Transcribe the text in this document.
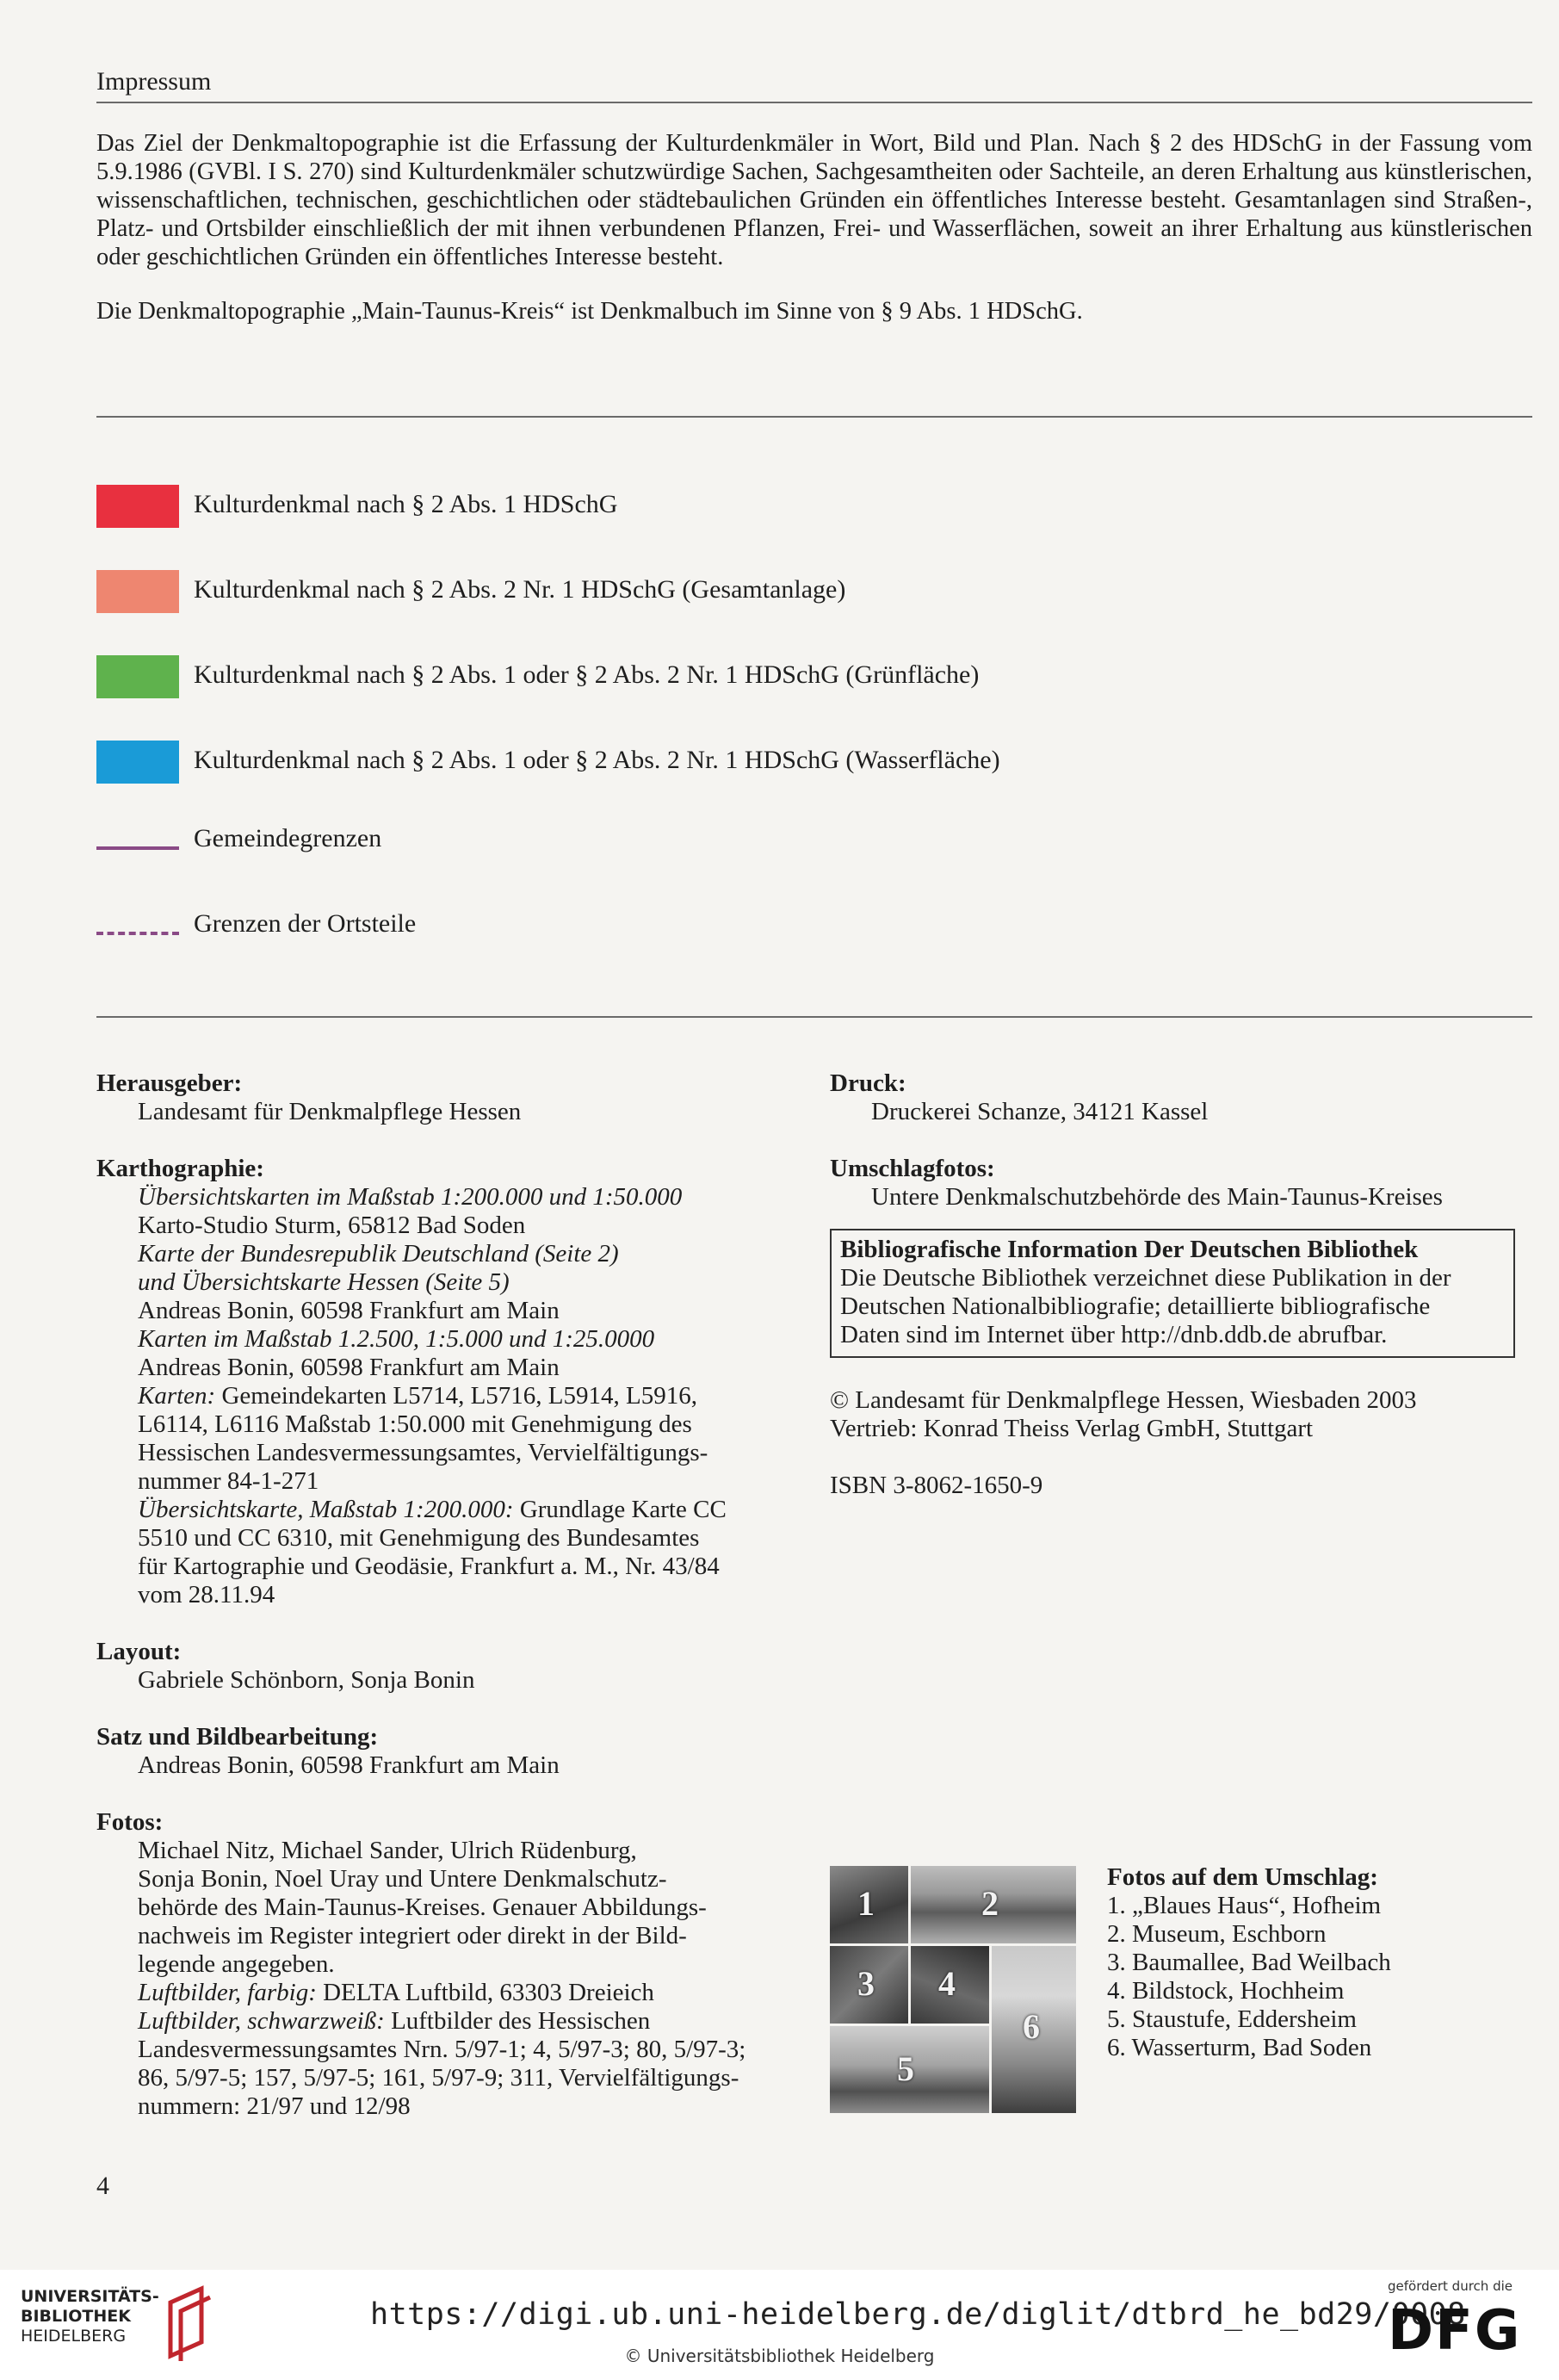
Impressum

Das Ziel der Denkmaltopographie ist die Erfassung der Kulturdenkmäler in Wort, Bild und Plan. Nach § 2 des HDSchG in der Fassung vom 5.9.1986 (GVBl. I S. 270) sind Kulturdenkmäler schutzwürdige Sachen, Sachgesamtheiten oder Sachteile, an deren Erhaltung aus künstlerischen, wissenschaftlichen, technischen, geschichtlichen oder städtebaulichen Gründen ein öffentliches Interesse besteht. Gesamtanlagen sind Straßen-, Platz- und Ortsbilder einschließlich der mit ihnen verbundenen Pflanzen, Frei- und Wasserflächen, soweit an ihrer Erhaltung aus künstlerischen oder geschichtlichen Gründen ein öffentliches Interesse besteht.

Die Denkmaltopographie „Main-Taunus-Kreis“ ist Denkmalbuch im Sinne von § 9 Abs. 1 HDSchG.

Kulturdenkmal nach § 2 Abs. 1 HDSchG
Kulturdenkmal nach § 2 Abs. 2 Nr. 1 HDSchG (Gesamtanlage)
Kulturdenkmal nach § 2 Abs. 1 oder § 2 Abs. 2 Nr. 1 HDSchG (Grünfläche)
Kulturdenkmal nach § 2 Abs. 1 oder § 2 Abs. 2 Nr. 1 HDSchG (Wasserfläche)
Gemeindegrenzen
Grenzen der Ortsteile
Herausgeber:
Landesamt für Denkmalpflege Hessen
Karthographie:
Übersichtskarten im Maßstab 1:200.000 und 1:50.000
Karto-Studio Sturm, 65812 Bad Soden
Karte der Bundesrepublik Deutschland (Seite 2)
und Übersichtskarte Hessen (Seite 5)
Andreas Bonin, 60598 Frankfurt am Main
Karten im Maßstab 1.2.500, 1:5.000 und 1:25.0000
Andreas Bonin, 60598 Frankfurt am Main
Karten: Gemeindekarten L5714, L5716, L5914, L5916,
L6114, L6116 Maßstab 1:50.000 mit Genehmigung des
Hessischen Landesvermessungsamtes, Vervielfältigungs-
nummer 84-1-271
Übersichtskarte, Maßstab 1:200.000: Grundlage Karte CC
5510 und CC 6310, mit Genehmigung des Bundesamtes
für Kartographie und Geodäsie, Frankfurt a. M., Nr. 43/84
vom 28.11.94
Layout:
Gabriele Schönborn, Sonja Bonin
Satz und Bildbearbeitung:
Andreas Bonin, 60598 Frankfurt am Main
Fotos:
Michael Nitz, Michael Sander, Ulrich Rüdenburg,
Sonja Bonin, Noel Uray und Untere Denkmalschutz-
behörde des Main-Taunus-Kreises. Genauer Abbildungs-
nachweis im Register integriert oder direkt in der Bild-
legende angegeben.
Luftbilder, farbig: DELTA Luftbild, 63303 Dreieich
Luftbilder, schwarzweiß: Luftbilder des Hessischen
Landesvermessungsamtes Nrn. 5/97-1; 4, 5/97-3; 80, 5/97-3;
86, 5/97-5; 157, 5/97-5; 161, 5/97-9; 311, Vervielfältigungs-
nummern: 21/97 und 12/98
Druck:
Druckerei Schanze, 34121 Kassel
Umschlagfotos:
Untere Denkmalschutzbehörde des Main-Taunus-Kreises
Bibliografische Information Der Deutschen Bibliothek
Die Deutsche Bibliothek verzeichnet diese Publikation in der
Deutschen Nationalbibliografie; detaillierte bibliografische
Daten sind im Internet über http://dnb.ddb.de abrufbar.
© Landesamt für Denkmalpflege Hessen, Wiesbaden 2003
Vertrieb: Konrad Theiss Verlag GmbH, Stuttgart
ISBN 3-8062-1650-9
1	2
3 4
6
5
Fotos auf dem Umschlag:
1. „Blaues Haus“, Hofheim
2. Museum, Eschborn
3. Baumallee, Bad Weilbach
4. Bildstock, Hochheim
5. Staustufe, Eddersheim
6. Wasserturm, Bad Soden
4
UNIVERSITÄTS-
BIBLIOTHEK
HEIDELBERG
https://digi.ub.uni-heidelberg.de/diglit/dtbrd_he_bd29/0008
© Universitätsbibliothek Heidelberg
gefördert durch die
DFG
